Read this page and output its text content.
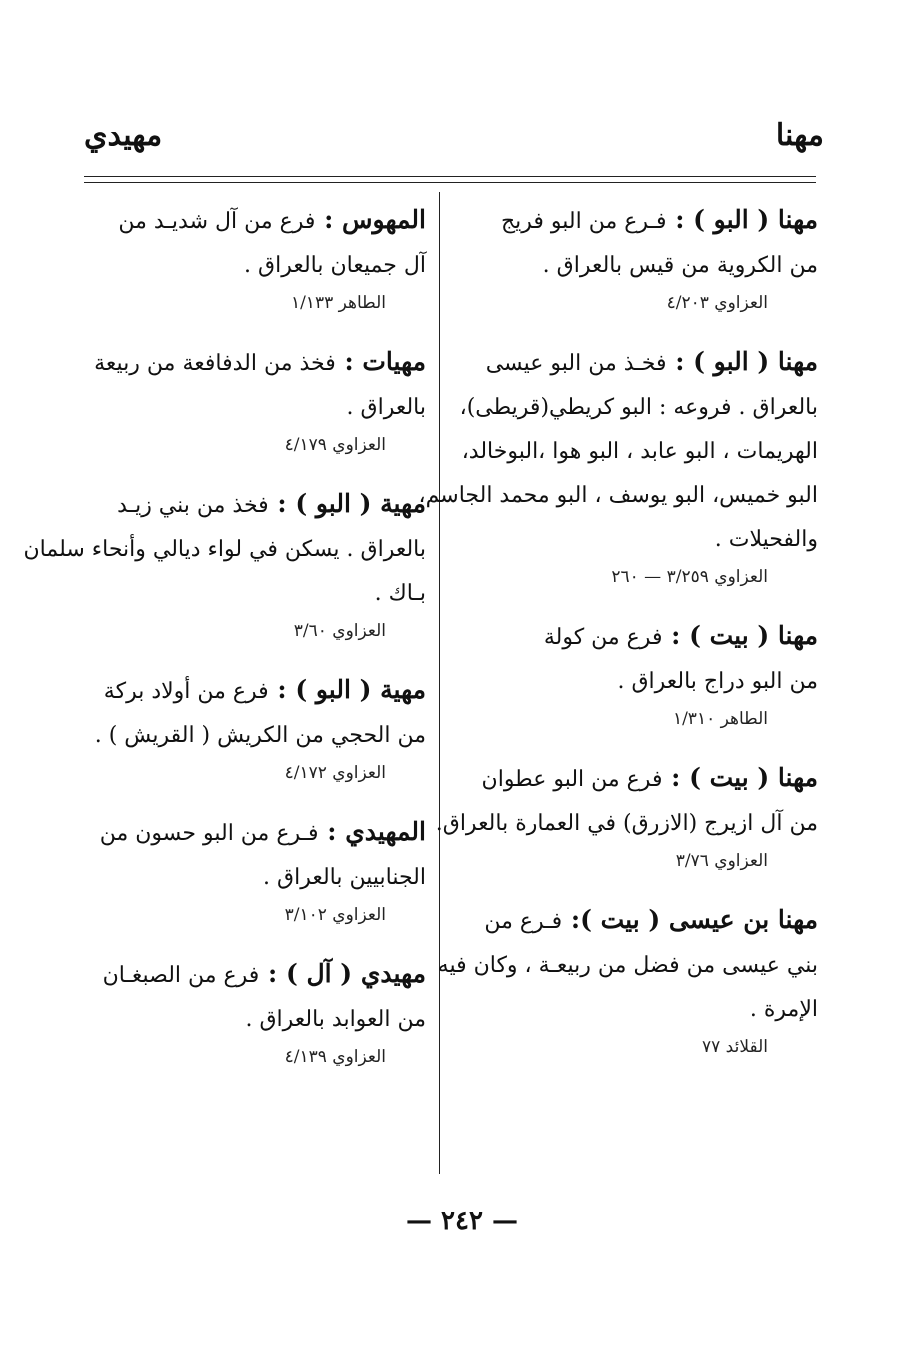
مهنا
مهيدي
مهنا ( البو ) : فـرع من البو فريج
من الكروية من قيس بالعراق .
العزاوي ٤/٢٠٣
مهنا ( البو ) : فخـذ من البو عيسى
بالعراق . فروعه : البو كريطي(قريطى)،
الهريمات ، البو عابد ، البو هوا ،البوخالد،
البو خميس، البو يوسف ، البو محمد الجاسم،
والفحيلات .
العزاوي ٣/٢٥٩ — ٢٦٠
مهنا ( بيت ) : فرع من كولة
من البو دراج بالعراق .
الطاهر ١/٣١٠
مهنا ( بيت ) : فرع من البو عطوان
من آل ازيرج (الازرق) في العمارة بالعراق.
العزاوي ٣/٧٦
مهنا بن عيسى ( بيت ): فـرع من
بني عيسى من فضل من ربيعـة ، وكان فيه
الإمرة .
القلائد ٧٧
المهوس : فرع من آل شديـد من
آل جميعان بالعراق .
الطاهر ١/١٣٣
مهيات : فخذ من الدفافعة من ربيعة
بالعراق .
العزاوي ٤/١٧٩
مهية ( البو ) : فخذ من بني زيـد
بالعراق . يسكن في لواء ديالي وأنحاء سلمان
بـاك .
العزاوي ٣/٦٠
مهية ( البو ) : فرع من أولاد بركة
من الحجي من الكريش ( القريش ) .
العزاوي ٤/١٧٢
المهيدي : فـرع من البو حسون من
الجنابيين بالعراق .
العزاوي ٣/١٠٢
مهيدي ( آل ) : فرع من الصبغـان
من العوابد بالعراق .
العزاوي ٤/١٣٩
— ٢٤٢ —
